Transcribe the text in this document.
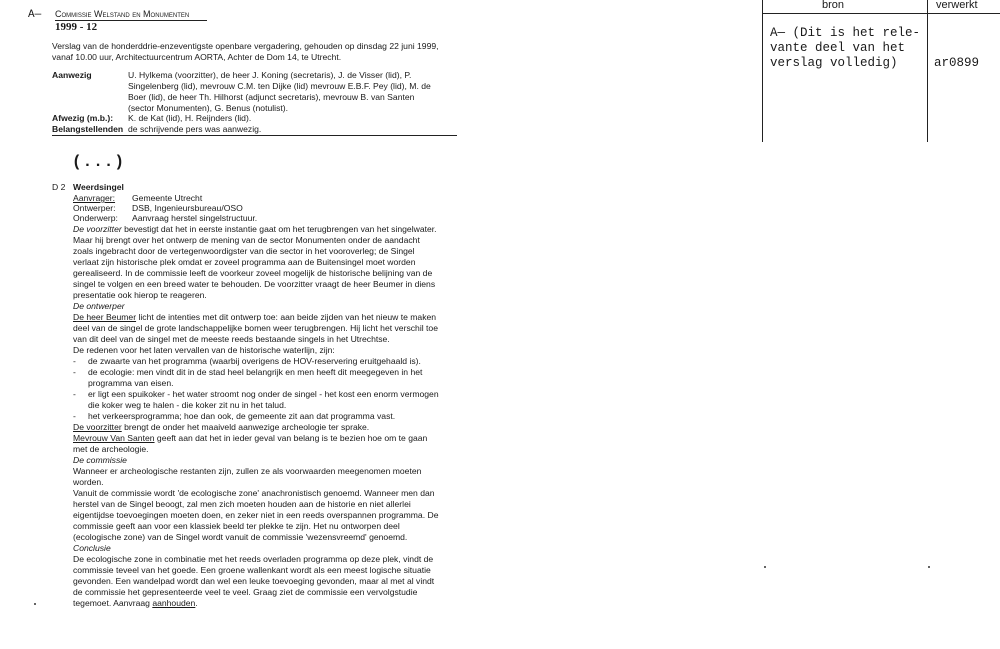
A— Commissie Welstand en Monumenten
1999 - 12
Verslag van de honderddrie-enzeventigste openbare vergadering, gehouden op dinsdag 22 juni 1999,
vanaf 10.00 uur, Architectuurcentrum AORTA, Achter de Dom 14, te Utrecht.
Aanwezig	U. Hylkema (voorzitter), de heer J. Koning (secretaris), J. de Visser (lid), P.
Singelenberg (lid), mevrouw C.M. ten Dijke (lid) mevrouw E.B.F. Pey (lid), M. de
Boer (lid), de heer Th. Hilhorst (adjunct secretaris), mevrouw B. van Santen
(sector Monumenten), G. Benus (notulist).
Afwezig (m.b.): K. de Kat (lid), H. Reijnders (lid).
Belangstellenden de schrijvende pers was aanwezig.
(...)
D 2 Weerdsingel
Aanvrager: Gemeente Utrecht
Ontwerper: DSB, Ingenieursbureau/OSO
Onderwerp: Aanvraag herstel singelstructuur.
De voorzitter bevestigt dat het in eerste instantie gaat om het terugbrengen van het singelwater.
Maar hij brengt over het ontwerp de mening van de sector Monumenten onder de aandacht
zoals ingebracht door de vertegenwoordigster van die sector in het vooroverleg; de Singel
verlaat zijn historische plek omdat er zoveel programma aan de Buitensingel moet worden
gerealiseerd. In de commissie leeft de voorkeur zoveel mogelijk de historische belijning van de
singel te volgen en een breed water te behouden. De voorzitter vraagt de heer Beumer in diens
presentatie ook hierop te reageren.
De ontwerper
De heer Beumer licht de intenties met dit ontwerp toe: aan beide zijden van het nieuw te maken
deel van de singel de grote landschappelijke bomen weer terugbrengen. Hij licht het verschil toe
van dit deel van de singel met de meeste reeds bestaande singels in het Utrechtse.
De redenen voor het laten vervallen van de historische waterlijn, zijn:
- de zwaarte van het programma (waarbij overigens de HOV-reservering eruitgehaald is).
- de ecologie: men vindt dit in de stad heel belangrijk en men heeft dit meegegeven in het
programma van eisen.
- er ligt een spuikoker - het water stroomt nog onder de singel - het kost een enorm vermogen
die koker weg te halen - die koker zit nu in het talud.
- het verkeersprogramma; hoe dan ook, de gemeente zit aan dat programma vast.
De voorzitter brengt de onder het maaiveld aanwezige archeologie ter sprake.
Mevrouw Van Santen geeft aan dat het in ieder geval van belang is te bezien hoe om te gaan
met de archeologie.
De commissie
Wanneer er archeologische restanten zijn, zullen ze als voorwaarden meegenomen moeten
worden.
Vanuit de commissie wordt 'de ecologische zone' anachronistisch genoemd. Wanneer men dan
herstel van de Singel beoogt, zal men zich moeten houden aan de historie en niet allerlei
eigentijdse toevoegingen moeten doen, en zeker niet in een reeds overspannen programma. De
commissie geeft aan voor een klassiek beeld ter plekke te zijn. Het nu ontworpen deel
(ecologische zone) van de Singel wordt vanuit de commissie 'wezensvreemd' genoemd.
Conclusie
De ecologische zone in combinatie met het reeds overladen programma op deze plek, vindt de
commissie teveel van het goede. Een groene wallenkant wordt als een meest logische situatie
gevonden. Een wandelpad wordt dan wel een leuke toevoeging gevonden, maar al met al vindt
de commissie het gepresenteerde veel te veel. Graag ziet de commissie een vervolgstudie
tegemoet. Aanvraag aanhouden.
bron	verwerkt
A— (Dit is het rele-
vante deel van het
verslag volledig)	ar0899
